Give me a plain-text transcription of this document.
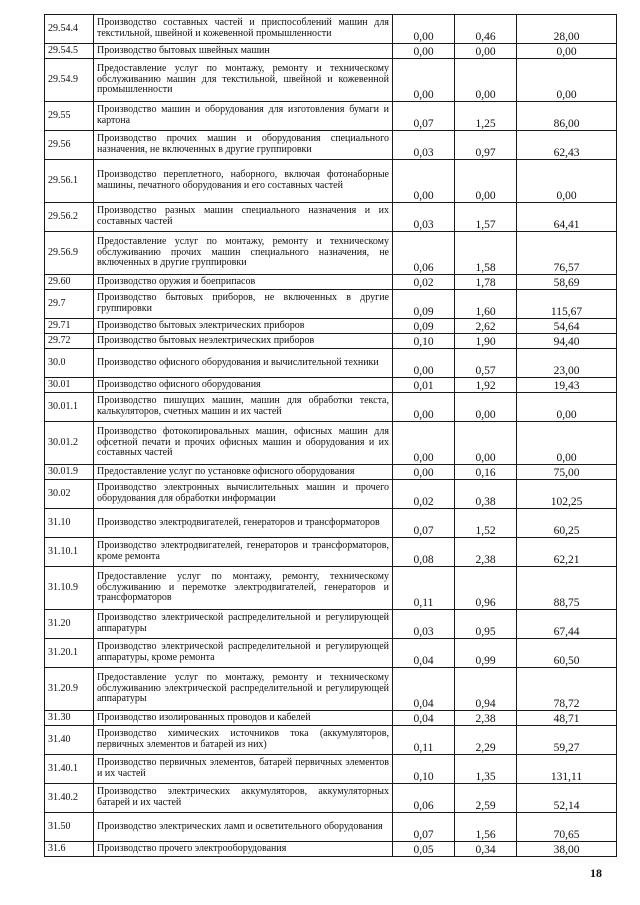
29.54.4	Производство составных частей и приспособлений машин для текстильной, швейной и кожевенной промышленности	0,00	0,46	28,00
29.54.5	Производство бытовых швейных машин	0,00	0,00	0,00
29.54.9	Предоставление услуг по монтажу, ремонту и техническому обслуживанию машин для текстильной, швейной и кожевенной промышленности	0,00	0,00	0,00
29.55	Производство машин и оборудования для изготовления бумаги и картона	0,07	1,25	86,00
29.56	Производство прочих машин и оборудования специального назначения, не включенных в другие группировки	0,03	0,97	62,43
29.56.1	Производство переплетного, наборного, включая фотонаборные машины, печатного оборудования и его составных частей	0,00	0,00	0,00
29.56.2	Производство разных машин специального назначения и их составных частей	0,03	1,57	64,41
29.56.9	Предоставление услуг по монтажу, ремонту и техническому обслуживанию прочих машин специального назначения, не включенных в другие группировки	0,06	1,58	76,57
29.60	Производство оружия и боеприпасов	0,02	1,78	58,69
29.7	Производство бытовых приборов, не включенных в другие группировки	0,09	1,60	115,67
29.71	Производство бытовых электрических приборов	0,09	2,62	54,64
29.72	Производство бытовых неэлектрических приборов	0,10	1,90	94,40
30.0	Производство офисного оборудования и вычислительной техники	0,00	0,57	23,00
30.01	Производство офисного оборудования	0,01	1,92	19,43
30.01.1	Производство пишущих машин, машин для обработки текста, калькуляторов, счетных машин и их частей	0,00	0,00	0,00
30.01.2	Производство фотокопировальных машин, офисных машин для офсетной печати и прочих офисных машин и оборудования и их составных частей	0,00	0,00	0,00
30.01.9	Предоставление услуг по установке офисного оборудования	0,00	0,16	75,00
30.02	Производство электронных вычислительных машин и прочего оборудования для обработки информации	0,02	0,38	102,25
31.10	Производство электродвигателей, генераторов и трансформаторов	0,07	1,52	60,25
31.10.1	Производство электродвигателей, генераторов и трансформаторов, кроме ремонта	0,08	2,38	62,21
31.10.9	Предоставление услуг по монтажу, ремонту, техническому обслуживанию и перемотке электродвигателей, генераторов и трансформаторов	0,11	0,96	88,75
31.20	Производство электрической распределительной и регулирующей аппаратуры	0,03	0,95	67,44
31.20.1	Производство электрической распределительной и регулирующей аппаратуры, кроме ремонта	0,04	0,99	60,50
31.20.9	Предоставление услуг по монтажу, ремонту и техническому обслуживанию электрической распределительной и регулирующей аппаратуры	0,04	0,94	78,72
31.30	Производство изолированных проводов и кабелей	0,04	2,38	48,71
31.40	Производство химических источников тока (аккумуляторов, первичных элементов и батарей из них)	0,11	2,29	59,27
31.40.1	Производство первичных элементов, батарей первичных элементов и их частей	0,10	1,35	131,11
31.40.2	Производство электрических аккумуляторов, аккумуляторных батарей и их частей	0,06	2,59	52,14
31.50	Производство электрических ламп и осветительного оборудования	0,07	1,56	70,65
31.6	Производство прочего электрооборудования	0,05	0,34	38,00
18
